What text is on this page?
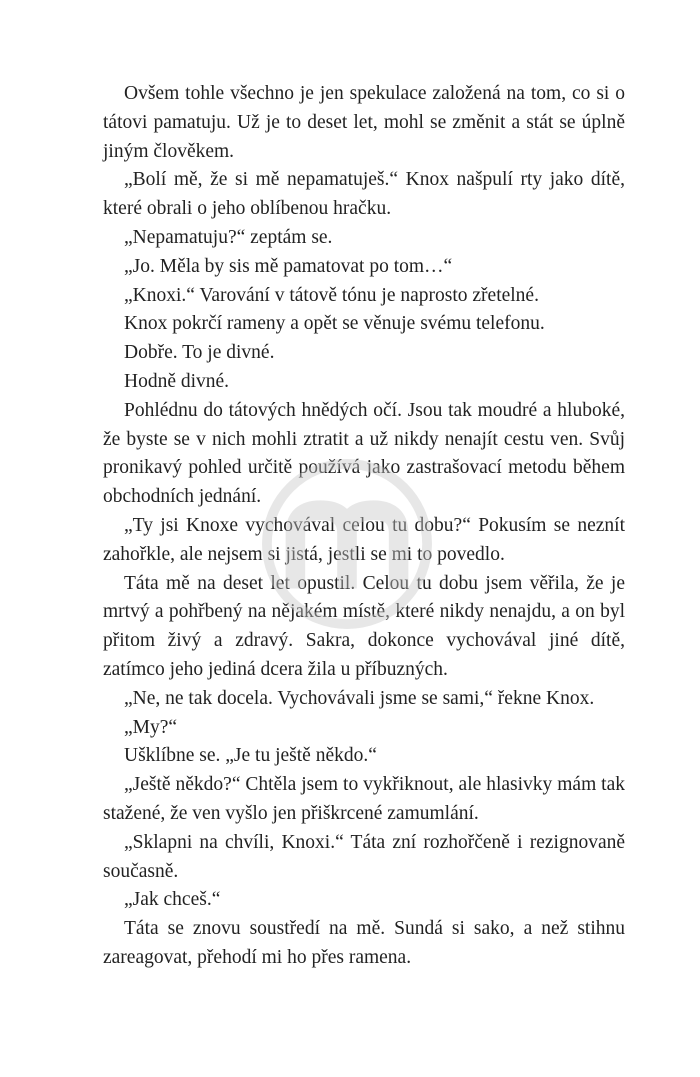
Ovšem tohle všechno je jen spekulace založená na tom, co si o tátovi pamatuju. Už je to deset let, mohl se změnit a stát se úplně jiným člověkem.

„Bolí mě, že si mě nepamatuješ.“ Knox našpulí rty jako dítě, které obrali o jeho oblíbenou hračku.

„Nepamatuju?“ zeptám se.

„Jo. Měla by sis mě pamatovat po tom…“

„Knoxi.“ Varování v tátově tónu je naprosto zřetelné.

Knox pokrčí rameny a opět se věnuje svému telefonu.

Dobře. To je divné.

Hodně divné.

Pohlédnu do tátových hnědých očí. Jsou tak moudré a hluboké, že byste se v nich mohli ztratit a už nikdy nenajít cestu ven. Svůj pronikavý pohled určitě používá jako zastrašovací metodu během obchodních jednání.

„Ty jsi Knoxe vychovával celou tu dobu?“ Pokusím se neznít zahořkle, ale nejsem si jistá, jestli se mi to povedlo.

Táta mě na deset let opustil. Celou tu dobu jsem věřila, že je mrtvý a pohřbený na nějakém místě, které nikdy nenajdu, a on byl přitom živý a zdravý. Sakra, dokonce vychovával jiné dítě, zatímco jeho jediná dcera žila u příbuzných.

„Ne, ne tak docela. Vychovávali jsme se sami,“ řekne Knox.

„My?“

Ušklíbne se. „Je tu ještě někdo.“

„Ještě někdo?“ Chtěla jsem to vykřiknout, ale hlasivky mám tak stažené, že ven vyšlo jen přiškrcené zamumlání.

„Sklapni na chvíli, Knoxi.“ Táta zní rozhořčeně i rezignovaně současně.

„Jak chceš.“

Táta se znovu soustředí na mě. Sundá si sako, a než stihnu zareagovat, přehodí mi ho přes ramena.
